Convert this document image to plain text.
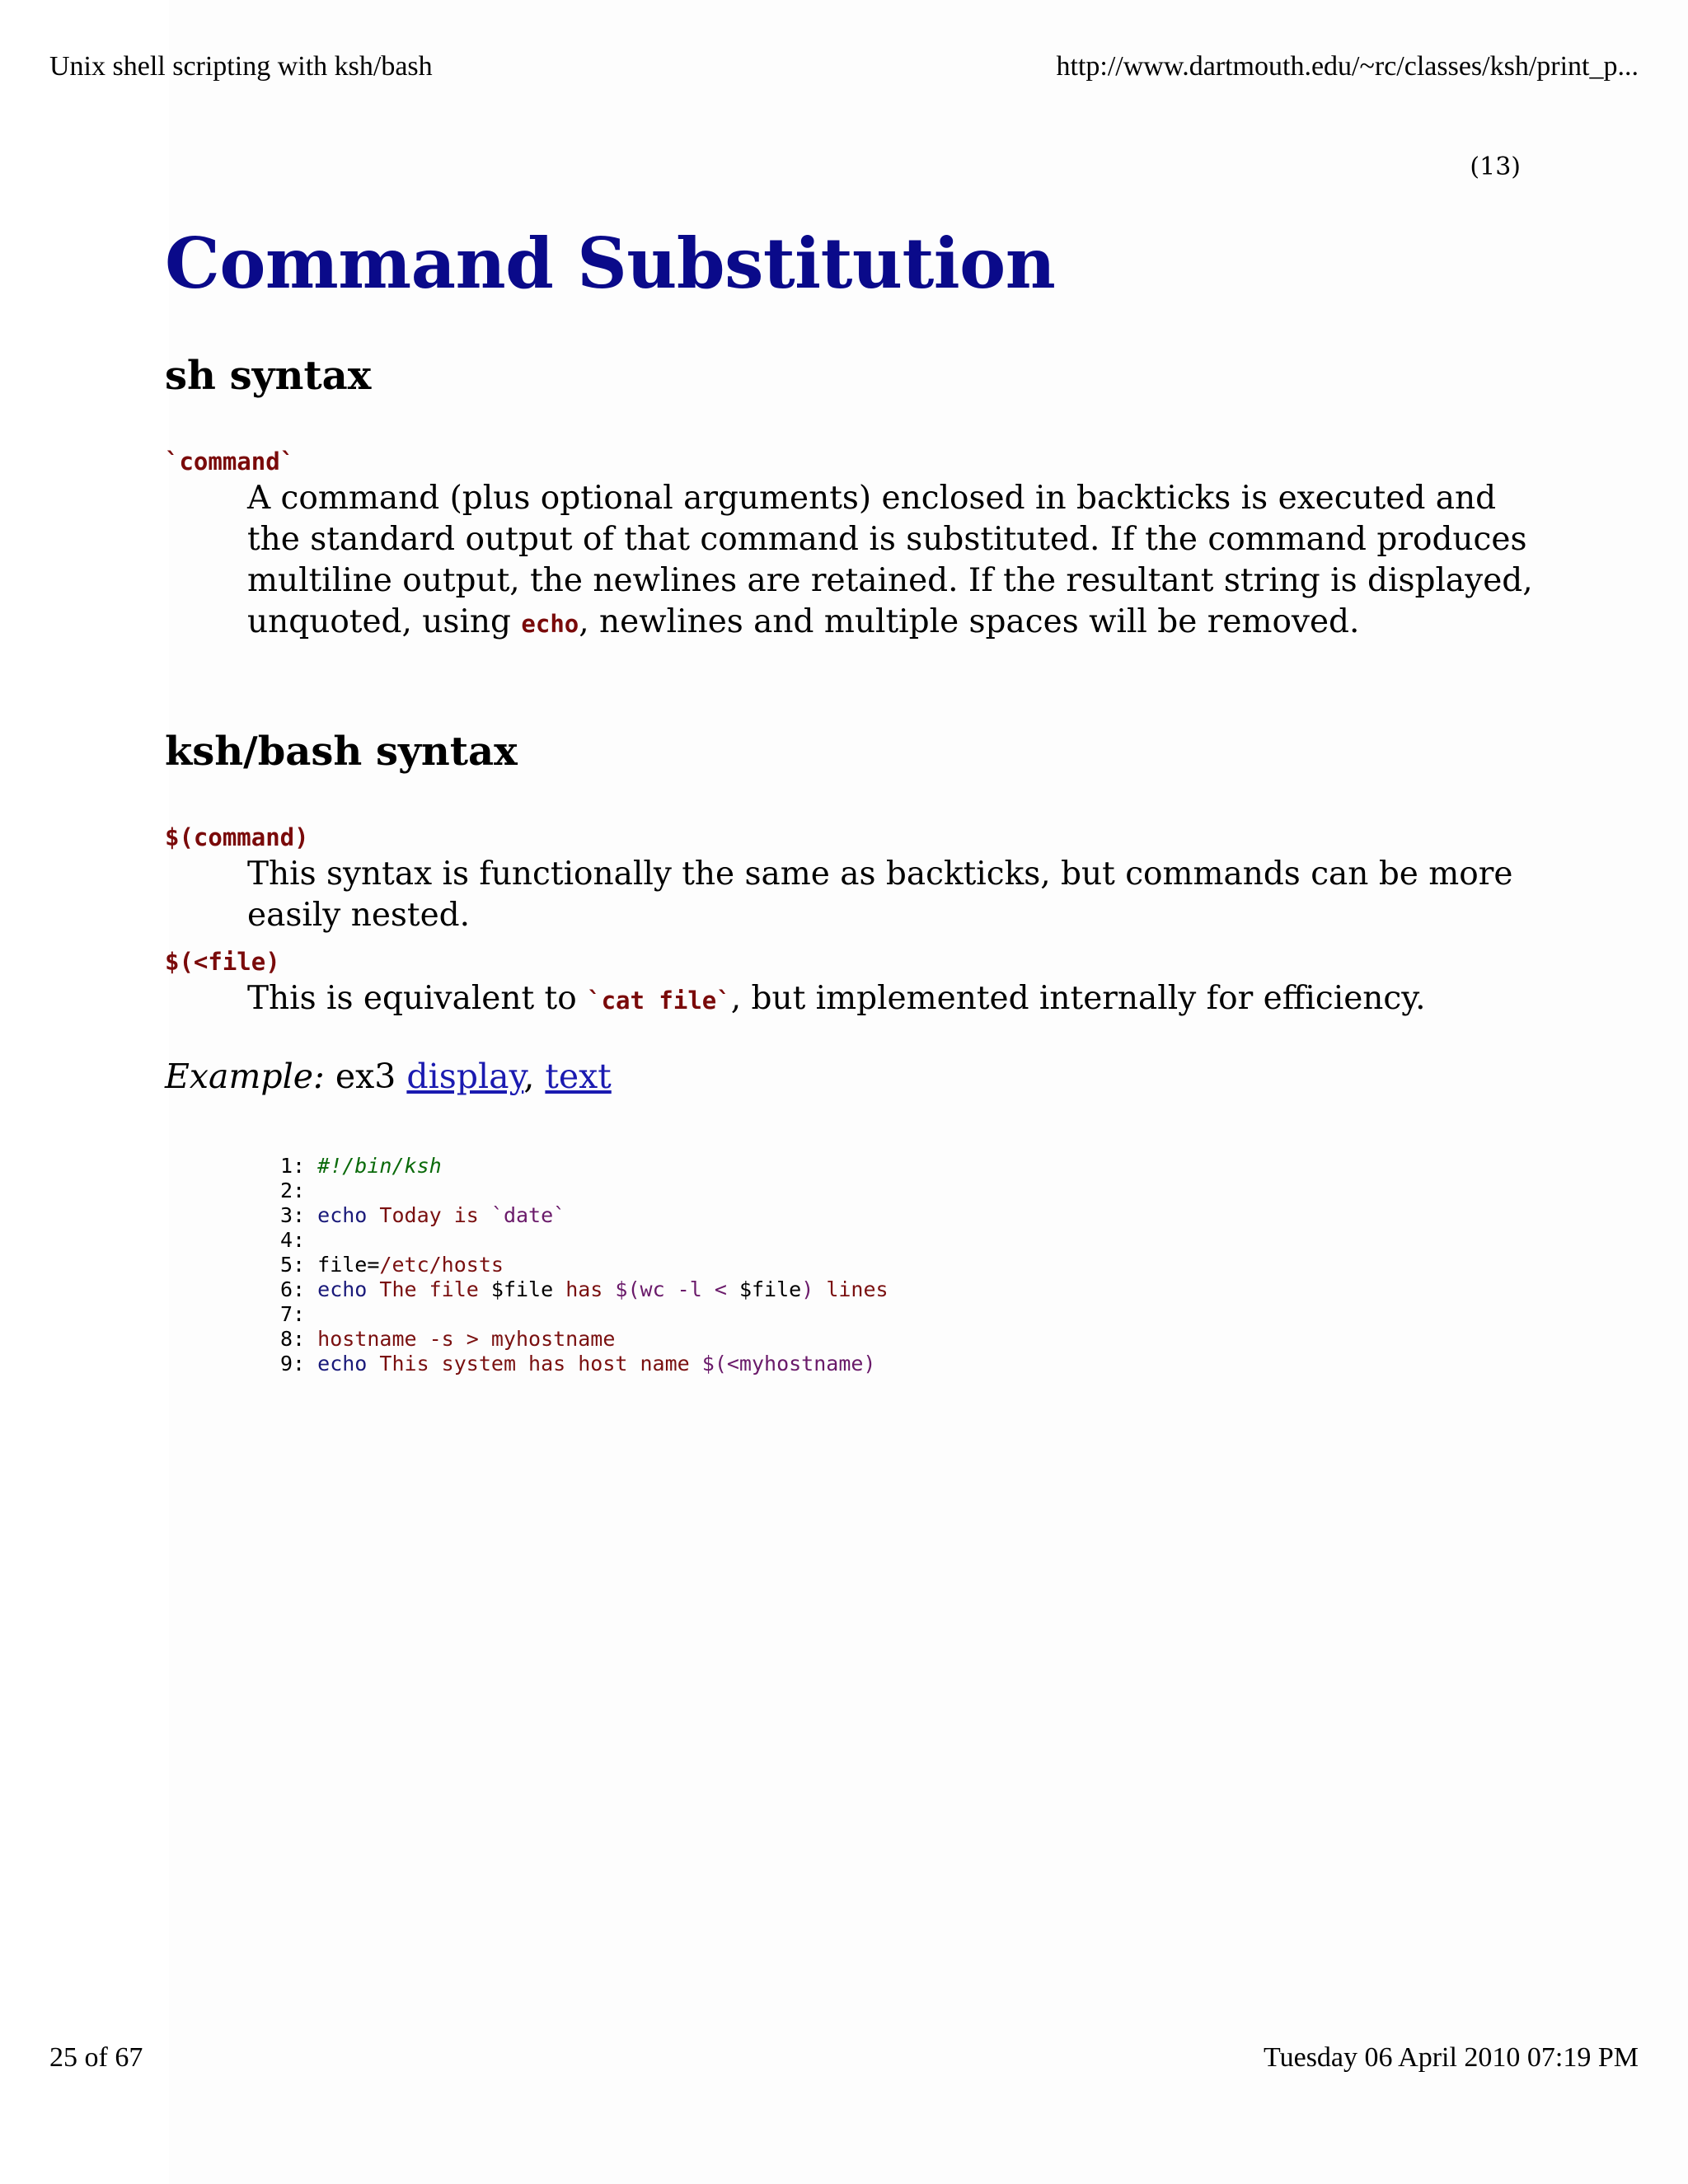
Unix shell scripting with ksh/bash	http://www.dartmouth.edu/~rc/classes/ksh/print_p...
(13)
Command Substitution
sh syntax
`command`
A command (plus optional arguments) enclosed in backticks is executed and the standard output of that command is substituted. If the command produces multiline output, the newlines are retained. If the resultant string is displayed, unquoted, using echo, newlines and multiple spaces will be removed.
ksh/bash syntax
$(command)
This syntax is functionally the same as backticks, but commands can be more easily nested.
$(<file)
This is equivalent to `cat file`, but implemented internally for efficiency.
Example: ex3 display, text
1: #!/bin/ksh
2:
3: echo Today is `date`
4:
5: file=/etc/hosts
6: echo The file $file has $(wc -l < $file) lines
7:
8: hostname -s > myhostname
9: echo This system has host name $(<myhostname)
25 of 67	Tuesday 06 April 2010 07:19 PM
